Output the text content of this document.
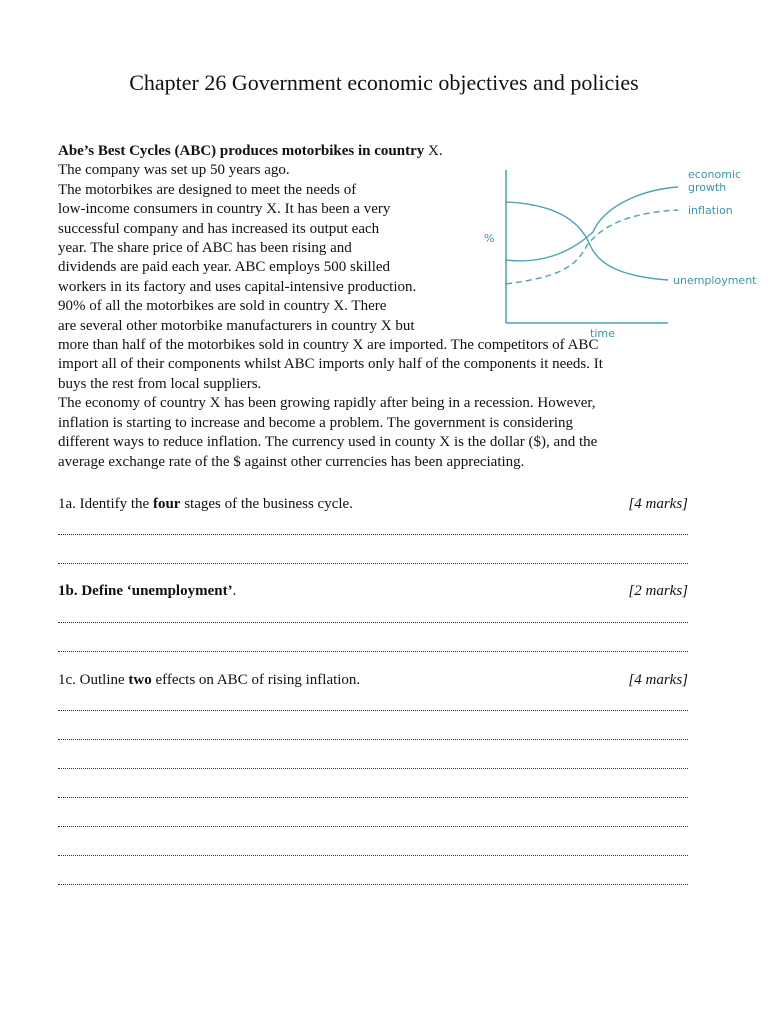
Chapter 26 Government economic objectives and policies

Abe’s Best Cycles (ABC) produces motorbikes in country X.

The company was set up 50 years ago.

The motorbikes are designed to meet the needs of

low-income consumers in country X. It has been a very

successful company and has increased its output each

year. The share price of ABC has been rising and

dividends are paid each year. ABC employs 500 skilled

workers in its factory and uses capital-intensive production.

90% of all the motorbikes are sold in country X. There

are several other motorbike manufacturers in country X but

more than half of the motorbikes sold in country X are imported. The competitors of ABC

import all of their components whilst ABC imports only half of the components it needs. It

buys the rest from local suppliers.

The economy of country X has been growing rapidly after being in a recession. However,

inflation is starting to increase and become a problem. The government is considering

different ways to reduce inflation. The currency used in county X is the dollar ($), and the

average exchange rate of the $ against other currencies has been appreciating.

%
time
economic
growth
inflation
unemployment
1a. Identify the four stages of the business cycle.	[4 marks]
1b. Define ‘unemployment’.	[2 marks]
1c. Outline two effects on ABC of rising inflation.	[4 marks]
